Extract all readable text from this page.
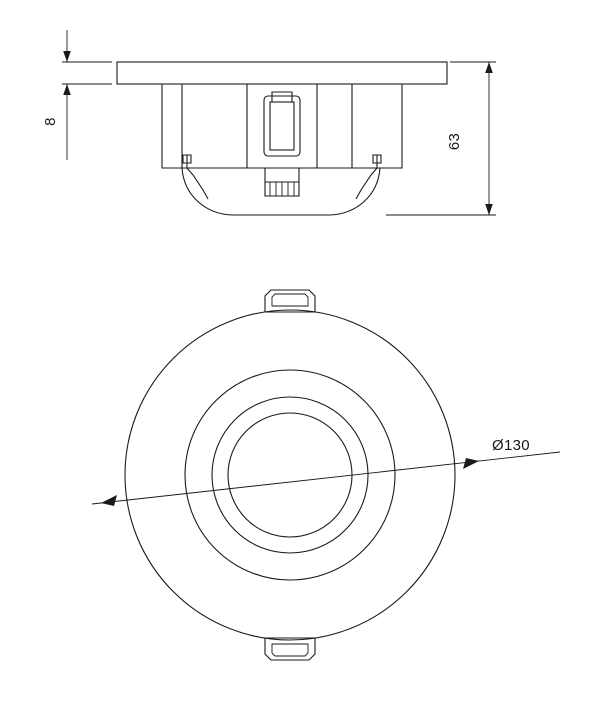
8
63
Ø130
